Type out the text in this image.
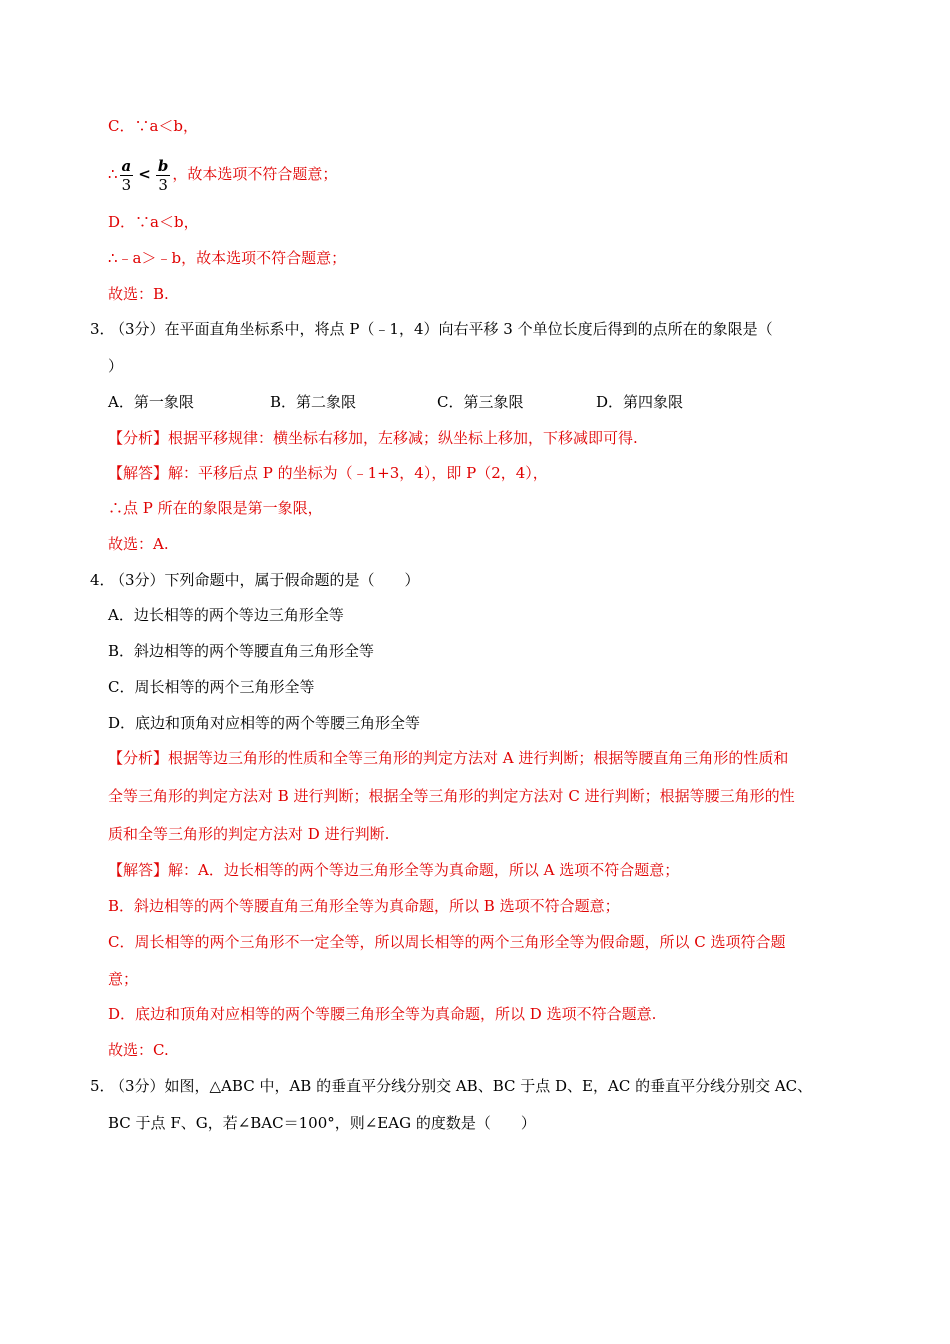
C．∵a＜b，
∴ $\frac{a}{3} < \frac{b}{3}$ ，故本选项不符合题意；
D．∵a＜b，
∴﹣a＞﹣b，故本选项不符合题意；
故选：B.
3．
（3分）在平面直角坐标系中，将点 P（﹣1，4）向右平移 3 个单位长度后得到的点所在的象限是（
）
A．第一象限	B．第二象限	C．第三象限	D．第四象限
【分析】根据平移规律：横坐标右移加，左移减；纵坐标上移加，下移减即可得.
【解答】解：平移后点 P 的坐标为（﹣1+3，4），即 P（2，4），
∴点 P 所在的象限是第一象限，
故选：A.
4．
（3分）下列命题中，属于假命题的是（　　）
A．边长相等的两个等边三角形全等
B．斜边相等的两个等腰直角三角形全等
C．周长相等的两个三角形全等
D．底边和顶角对应相等的两个等腰三角形全等
【分析】根据等边三角形的性质和全等三角形的判定方法对 A 进行判断；根据等腰直角三角形的性质和
全等三角形的判定方法对 B 进行判断；根据全等三角形的判定方法对 C 进行判断；根据等腰三角形的性
质和全等三角形的判定方法对 D 进行判断.
【解答】解：A．边长相等的两个等边三角形全等为真命题，所以 A 选项不符合题意；
B．斜边相等的两个等腰直角三角形全等为真命题，所以 B 选项不符合题意；
C．周长相等的两个三角形不一定全等，所以周长相等的两个三角形全等为假命题，所以 C 选项符合题
意；
D．底边和顶角对应相等的两个等腰三角形全等为真命题，所以 D 选项不符合题意.
故选：C.
5．
（3分）如图，△ABC 中，AB 的垂直平分线分别交 AB、BC 于点 D、E，AC 的垂直平分线分别交 AC、
BC 于点 F、G，若∠BAC＝100°，则∠EAG 的度数是（　　）
